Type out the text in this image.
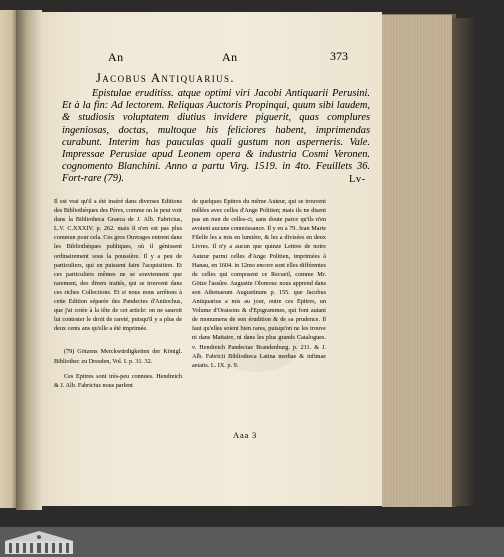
An	An	373
Jacobus Antiquarius.

Epistulae eruditiss. atque optimi viri Jacobi Antiquarii Perusini. Et à la fin: Ad lectorem. Reliquas Auctoris Propinqui, quum sibi laudem, & studiosis voluptatem diutius invidere piguerit, quas complures ingeniosas, doctas, multoque his feliciores habent, imprimendas curabunt. Interim has pauculas quali gustum non asperneris. Vale. Impressae Perusiae apud Leonem opera & industria Cosmi Veronen. cognomento Blanchini. Anno a partu Virg. 1519. in 4to. Feuillets 36. Fort-rare (79).	Lv-

Il est vrai qu'il a été inséré dans diverses Editions des Bibliothèques des Pères, comme on le peut voir dans la Bibliotheca Graeca de J. Alb. Fabricius, L.V. C.XXXIV. p. 262. mais il n'en est pas plus commun pour cela. Ces gros Ouvrages entrent dans les Bibliothèques publiques, où il génissent ordinairement sous la poussière. Il y a peu de particuliers, qui en puissent faire l'acquisition. Et ces particuliers mêmes ne se souviennent que rarement, des divers traités, qui se trouvent dans ces riches Collections. Et si nous nous arrêtons à cette Edition séparée des Pandectes d'Antiochus, que j'ai cotée à la tête de cet article: on ne sauroit lui contester le droit de rareté, puisqu'il y a plus de deux cents ans qu'elle a été imprimée.

(79) Götzens Merckwürdigkeiten der Königl. Bibliothec zu Dresden, Vol. I. p. 31. 32.

Ces Epitres sont très-peu connues. Hendreich & J. Alb. Fabricius nous parlent

de quelques Epitres du même Auteur, qui se trouvent mêlées avec celles d'Ange Politien; mais ils ne disent pas un mot de celles-ci, sans doute parce qu'ils n'en avoient aucune connoissance. Il y en a 79. Jean Marie Filelfe les a mis en lumière, & les a divisées en deux Livres. Il n'y a aucun que quinze Lettres de notre Auteur parmi celles d'Ange Politien, imprimées à Hanau, en 1604. in 12mo encore sont elles différentes de celles qui composent ce Recueil, comme Mr. Götze l'assûre. Augustin Olomouc nous apprend dans son Athenaeum Augustinum p. 155. que Jacobus Antiquarius a mis au jour, outre ces Epitres, un Volume d'Oraisons & d'Epigrammes, qui font autant de monumens de son érudition & de sa prudence. Il faut qu'elles soient bien rares, puisqu'on ne les trouve ni dans Mattaire, ni dans les plus grands Catalogues. v. Hendreich Pandectae Brandenburg. p. 211. & J. Alb. Fabricii Bibliotheca Latina mediae & infimae aetatis. L. IX. p. 9.

Aaa 3
